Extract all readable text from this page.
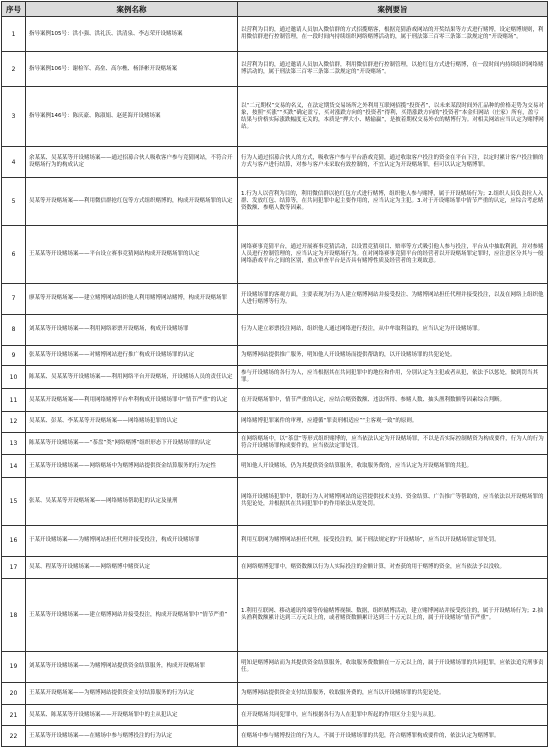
序号	案例名称	案例要旨
1	指导案例105号：洪小强、洪礼沃、洪清泉、李志荣开设赌场案	以营利为目的，通过邀请人员加入微信群的方式招揽赌客，根据竞猜游戏网站的开奖结果等方式进行赌博，设定赌博规则，利用微信群进行控制管理，在一段时间内持续组织网络赌博活动的，属于刑法第三百零三条第二款规定的“开设赌场”。
2	指导案例106号：谢检军、高垒、高尔樵、杨泽彬开设赌场案	以营利为目的，通过邀请人员加入微信群，利用微信群进行控制管理，以抢红包方式进行赌博，在一段时间内持续组织网络赌博活动的，属于刑法第三百零三条第二款规定的“开设赌场”。
3	指导案例146号：陈庆豪、陈淑娟、赵延海开设赌场案	以“二元期权”交易的名义，在法定期货交易场所之外利用互联网招揽“投资者”，以未来某段时间外汇品种的价格走势为交易对象，按照“买涨”“买跌”确定盈亏，买对涨跌方向的“投资者”得利，买错涨跌方向的“投资者”本金归网站（庄家）所有，盈亏结果与价格实际涨跌幅度无关的，本质是“押大小、赌输赢”，是披着期权交易外衣的赌博行为。对相关网站应当认定为赌博网站。
4	余某某、吴某某等开设赌场案——通过招募合伙人吸收客户参与竞猜网站，不符合开设赌场行为的构成认定	行为人通过招募合伙人的方式，吸收客户参与平台游戏竞猜，通过收取客户投注的资金在平台下注，以定时累计客户投注额的方式与客户进行结算，对参与客户未采取有效控制的，不宜认定为开设赌场罪，但可以认定为赌博罪。
5	吴某等开设赌场案——利用微信群抢红包等方式组织赌博的，构成开设赌场罪的认定	1.行为人以营利为目的，利用微信群以抢红包方式进行赌博，组织他人参与赌博，属于开设赌场行为；2.组织人员负责拉人入群、发放红包、结算等，在共同犯罪中起主要作用的，应当认定为主犯。3.对于开设赌场罪中情节严重的认定，应综合考虑赌资数额、参赌人数等因素。
6	王某某等开设赌场案——平台设立赛事竞猜网站构成开设赌场罪的认定	网络赛事竞猜平台，通过开展赛事竞猜活动，以设置竞猜项目、赔率等方式吸引他人参与投注，平台从中抽取利润，并对参赌人员进行控制管理的，应当认定为开设赌场行为。在对网络赛事竞猜平台的经营者以开设赌场罪定罪时，应注意区分其与一般网络游戏平台之间的区别，重点审查平台是否具有赌博性质及经营者的主观故意。
7	廖某等开设赌场案——建立赌博网站组织他人利用赌博网站赌博，构成开设赌场罪	开设赌场罪的客观方面，主要表现为行为人建立赌博网站并接受投注、为赌博网站担任代理并接受投注，以及在网络上组织他人进行赌博等行为。
8	刘某某等开设赌场案——利用网络彩票开设赌场，构成开设赌场罪	行为人建立彩票投注网站，组织他人通过网络进行投注，从中牟取利益的，应当认定为开设赌场罪。
9	张某某等开设赌场案——对赌博网站进行推广构成开设赌场罪的认定	为赌博网站提供推广服务，明知他人开设赌场而提供帮助的，以开设赌场罪的共犯论处。
10	陈某某、吴某某等开设赌场案——利用网络平台开设赌场，开设赌场人员的责任认定	参与开设赌场的各行为人，应当根据其在共同犯罪中的地位和作用，分别认定为主犯或者从犯，依法予以惩处，做到罚当其罪。
11	吴某某开设赌场案——利用网络赌博平台牟利构成开设赌场罪中“情节严重”的认定	在开设赌场罪中，情节严重的认定，应结合赌资数额、违法所得、参赌人数、抽头渔利数额等因素综合判断。
12	吴某某、彭某、李某某等开设赌场案——网络赌场犯罪的认定	网络赌博犯罪案件的审理，应遵循“罪责刑相适应”“主客观一致”的原则。
13	陈某某等开设赌场案——“茶盘”类“网络赌博”组织形态下开设赌场罪的认定	在网络赌场中，以“茶盘”等形式组织赌博的，应当依法认定为开设赌场罪，不以是否实际控制赌资为构成要件，行为人的行为符合开设赌场罪构成要件的，应当依法定罪处罚。
14	王某某等开设赌场案——网络赌场中为赌博网站提供资金结算服务的行为定性	明知他人开设赌场，仍为其提供资金结算服务，收取服务费的，应当认定为开设赌场罪的共犯。
15	张某、吴某某等开设赌场案——网络赌场帮助犯的认定及量刑	网络开设赌场犯罪中，帮助行为人对赌博网站的运营提供技术支持、资金结算、广告推广等帮助的，应当依法以开设赌场罪的共犯论处，并根据其在共同犯罪中的作用依法从宽处罚。
16	于某开设赌场案——为赌博网站担任代理并接受投注，构成开设赌场罪	利用互联网为赌博网站担任代理，接受投注的，属于刑法规定的“开设赌场”，应当以开设赌场罪定罪处罚。
17	吴某、程某等开设赌场案——网络赌博中赌资认定	在网络赌博犯罪中，赌资数额以行为人实际投注的金额计算，对查获的用于赌博的资金，应当依法予以没收。
18	王某某等开设赌场案——建立赌博网站并接受投注，构成开设赌场罪中“情节严重”	1.利用互联网、移动通讯终端等传输赌博视频、数据，组织赌博活动，建立赌博网站并接受投注的，属于开设赌场行为；2.抽头渔利数额累计达到三万元以上的，或者赌资数额累计达到三十万元以上的，属于开设赌场“情节严重”。
19	刘某某等开设赌场案——为赌博网站提供资金结算服务，构成开设赌场罪	明知是赌博网站而为其提供资金结算服务，收取服务费数额在一万元以上的，属于开设赌场罪的共同犯罪，应依法追究刑事责任。
20	王某某开设赌场案——为赌博网站提供资金支付结算服务的行为认定	为赌博网站提供资金支付结算服务，收取服务费的，应当以开设赌场罪的共犯论处。
21	吴某某、陈某某等开设赌场案——开设赌场罪中的主从犯认定	在开设赌场共同犯罪中，应当根据各行为人在犯罪中所起的作用区分主犯与从犯。
22	王某某等开设赌场案——在赌场中参与赌博投注的行为认定	在赌场中参与赌博投注的行为人，不属于开设赌场罪的共犯，符合赌博罪构成要件的，依法认定为赌博罪。
